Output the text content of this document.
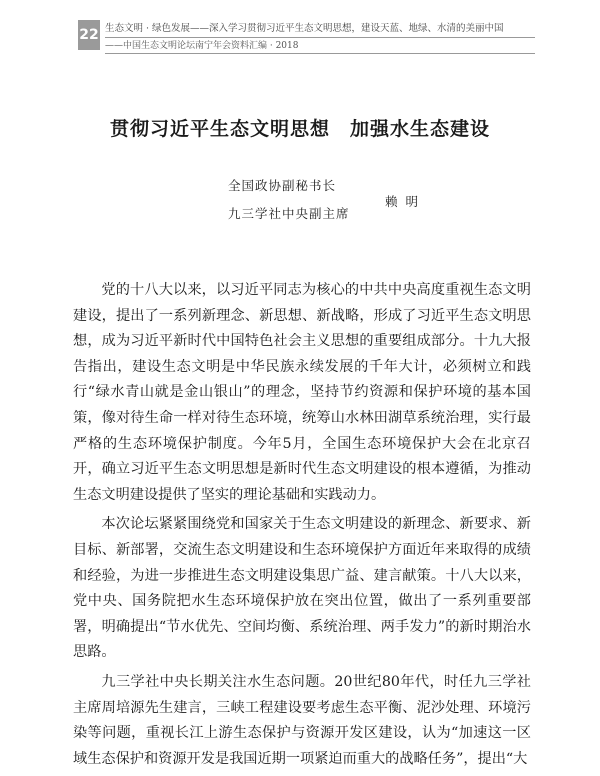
22 生态文明 · 绿色发展——深入学习贯彻习近平生态文明思想，建设天蓝、地绿、水清的美丽中国
——中国生态文明论坛南宁年会资料汇编 · 2018
贯彻习近平生态文明思想　加强水生态建设
全国政协副秘书长
九三学社中央副主席
赖明

党的十八大以来，以习近平同志为核心的中共中央高度重视生态文明建设，提出了一系列新理念、新思想、新战略，形成了习近平生态文明思想，成为习近平新时代中国特色社会主义思想的重要组成部分。十九大报告指出，建设生态文明是中华民族永续发展的千年大计，必须树立和践行“绿水青山就是金山银山”的理念，坚持节约资源和保护环境的基本国策，像对待生命一样对待生态环境，统筹山水林田湖草系统治理，实行最严格的生态环境保护制度。今年5月，全国生态环境保护大会在北京召开，确立习近平生态文明思想是新时代生态文明建设的根本遵循，为推动生态文明建设提供了坚实的理论基础和实践动力。

本次论坛紧紧围绕党和国家关于生态文明建设的新理念、新要求、新目标、新部署，交流生态文明建设和生态环境保护方面近年来取得的成绩和经验，为进一步推进生态文明建设集思广益、建言献策。十八大以来，党中央、国务院把水生态环境保护放在突出位置，做出了一系列重要部署，明确提出“节水优先、空间均衡、系统治理、两手发力”的新时期治水思路。

九三学社中央长期关注水生态问题。20世纪80年代，时任九三学社主席周培源先生建言，三峡工程建设要考虑生态平衡、泥沙处理、环境污染等问题，重视长江上游生态保护与资源开发区建设，认为“加速这一区域生态保护和资源开发是我国近期一项紧迫而重大的战略任务”，提出“大
